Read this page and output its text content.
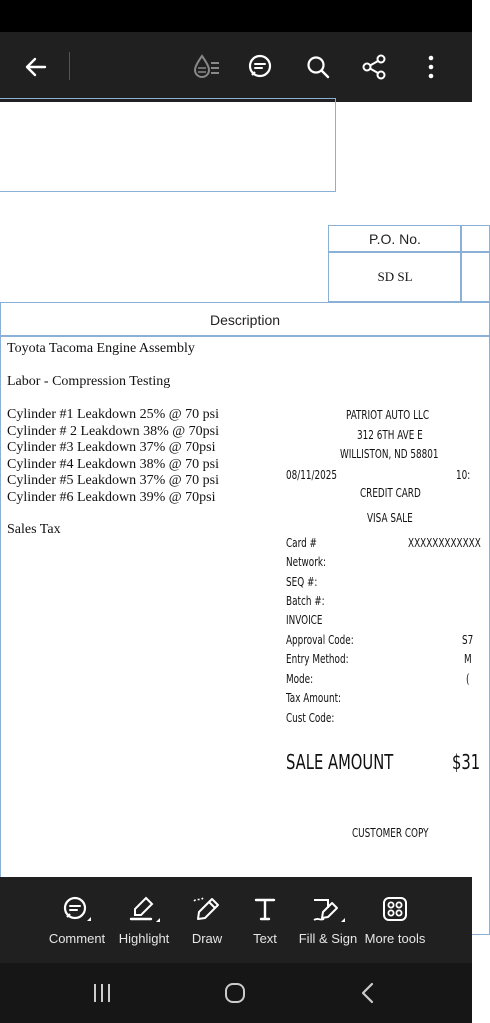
P.O. No.
SD SL
Description
Toyota Tacoma Engine Assembly
Labor - Compression Testing
Cylinder #1 Leakdown 25% @ 70 psi
Cylinder # 2 Leakdown 38% @ 70psi
Cylinder #3 Leakdown 37% @ 70psi
Cylinder #4 Leakdown 38% @ 70 psi
Cylinder #5 Leakdown 37% @ 70 psi
Cylinder #6 Leakdown 39% @ 70psi
Sales Tax
PATRIOT AUTO LLC
312 6TH AVE E
WILLISTON, ND 58801
08/11/2025	10:
CREDIT CARD
VISA SALE
Card #	XXXXXXXXXXXX
Network:
SEQ #:
Batch #:
INVOICE
Approval Code:	S7
Entry Method:	M
Mode:	(
Tax Amount:
Cust Code:
SALE AMOUNT	$31
CUSTOMER COPY
Comment Highlight Draw Text Fill & Sign More tools
